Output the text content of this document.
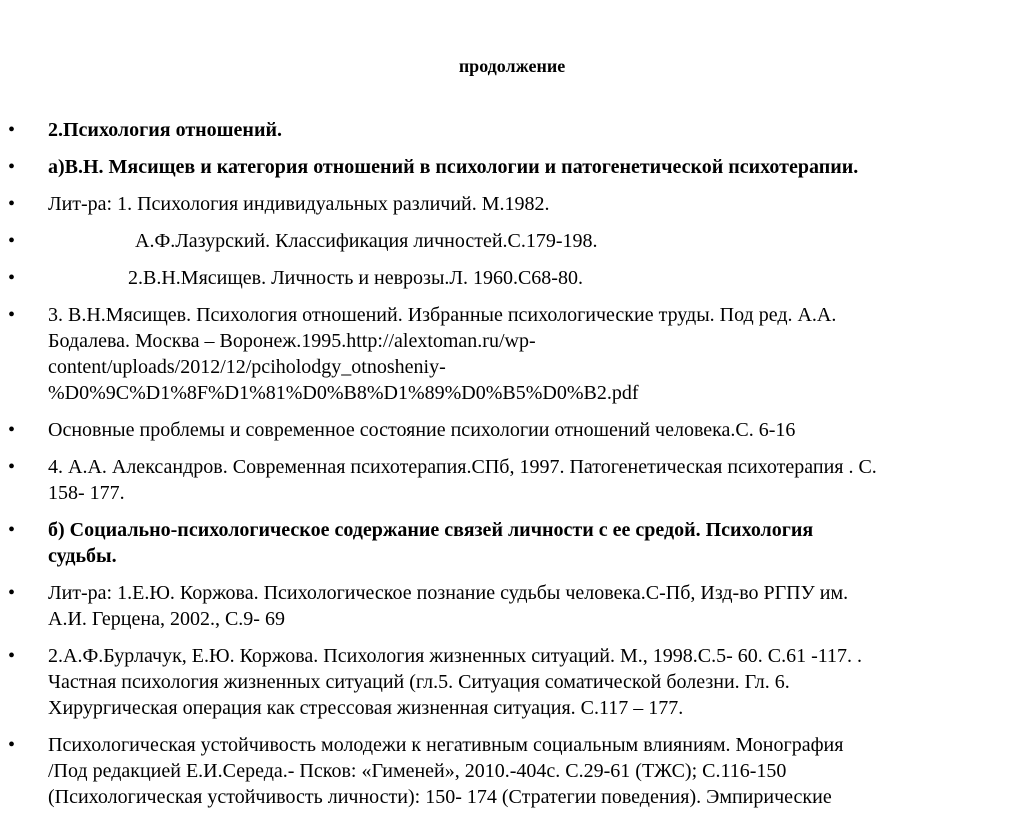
продолжение
• 2.Психология отношений.
• а)В.Н. Мясищев и категория отношений в психологии и патогенетической психотерапии.
• Лит-ра: 1. Психология индивидуальных различий. М.1982.
•	А.Ф.Лазурский. Классификация личностей.С.179-198.
•	2.В.Н.Мясищев. Личность и неврозы.Л. 1960.С68-80.
• 3. В.Н.Мясищев. Психология отношений. Избранные психологические труды. Под ред. А.А.
Бодалева. Москва – Воронеж.1995.http://alextoman.ru/wp-
content/uploads/2012/12/pciholodgy_otnosheniy-
%D0%9C%D1%8F%D1%81%D0%B8%D1%89%D0%B5%D0%B2.pdf
• Основные проблемы и современное состояние психологии отношений человека.С. 6-16
• 4. А.А. Александров. Современная психотерапия.СПб, 1997. Патогенетическая психотерапия . С.
158- 177.
• б) Социально-психологическое содержание связей личности с ее средой. Психология
судьбы.
• Лит-ра: 1.Е.Ю. Коржова. Психологическое познание судьбы человека.С-Пб, Изд-во РГПУ им.
А.И. Герцена, 2002., С.9- 69
• 2.А.Ф.Бурлачук, Е.Ю. Коржова. Психология жизненных ситуаций. М., 1998.С.5- 60. С.61 -117. .
Частная психология жизненных ситуаций (гл.5. Ситуация соматической болезни. Гл. 6.
Хирургическая операция как стрессовая жизненная ситуация. С.117 – 177.
• Психологическая устойчивость молодежи к негативным социальным влияниям. Монография
/Под редакцией Е.И.Середа.- Псков: «Гименей», 2010.-404с. С.29-61 (ТЖС); С.116-150
(Психологическая устойчивость личности): 150- 174 (Стратегии поведения). Эмпирические
